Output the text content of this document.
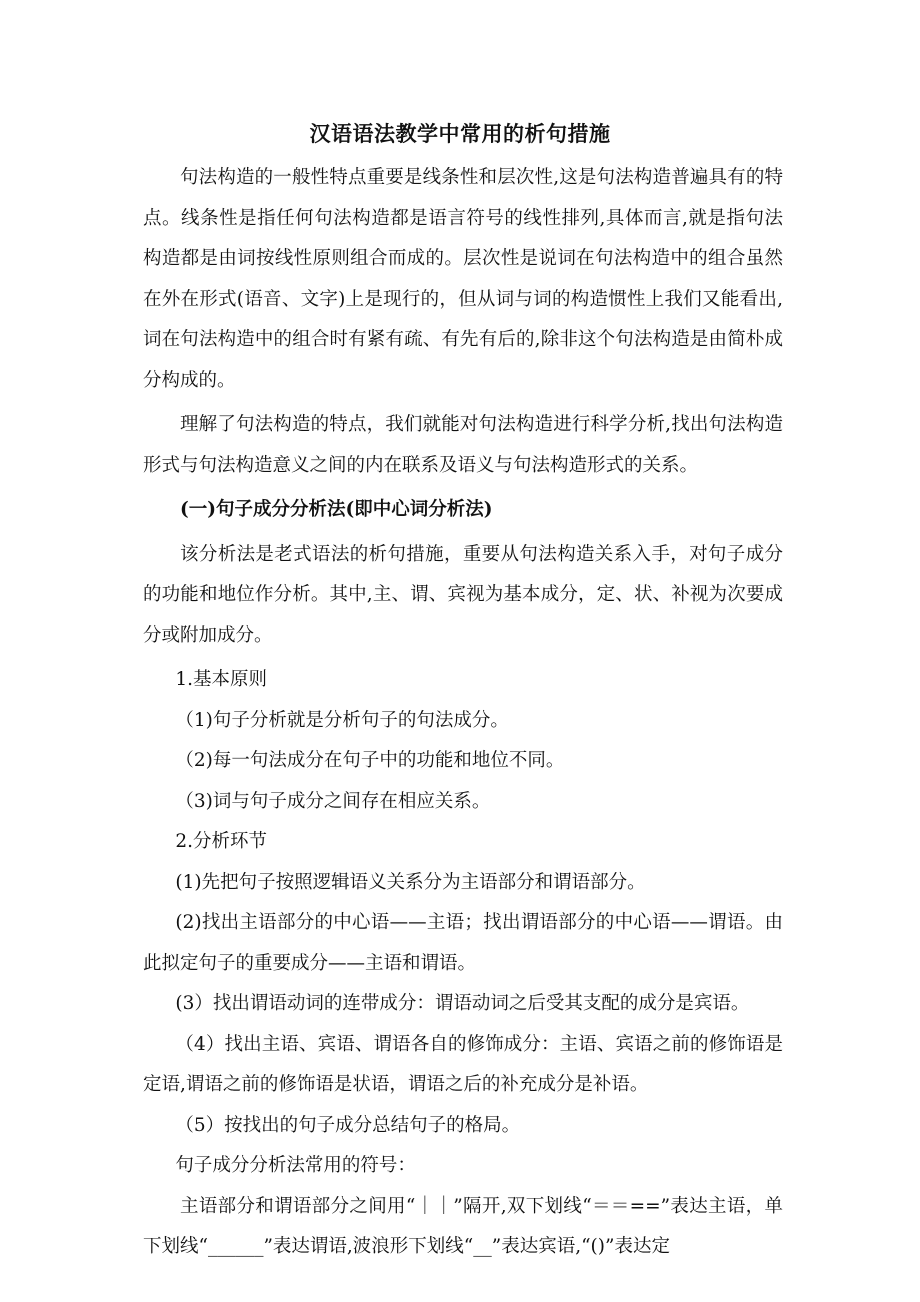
汉语语法教学中常用的析句措施

句法构造的一般性特点重要是线条性和层次性,这是句法构造普遍具有的特点。线条性是指任何句法构造都是语言符号的线性排列,具体而言,就是指句法构造都是由词按线性原则组合而成的。层次性是说词在句法构造中的组合虽然在外在形式(语音、文字)上是现行的，但从词与词的构造惯性上我们又能看出,词在句法构造中的组合时有紧有疏、有先有后的,除非这个句法构造是由简朴成分构成的。

理解了句法构造的特点，我们就能对句法构造进行科学分析,找出句法构造形式与句法构造意义之间的内在联系及语义与句法构造形式的关系。

(一)句子成分分析法(即中心词分析法)

该分析法是老式语法的析句措施，重要从句法构造关系入手，对句子成分的功能和地位作分析。其中,主、谓、宾视为基本成分，定、状、补视为次要成分或附加成分。

1.基本原则

（1)句子分析就是分析句子的句法成分。

（2)每一句法成分在句子中的功能和地位不同。

（3)词与句子成分之间存在相应关系。

2.分析环节

(1)先把句子按照逻辑语义关系分为主语部分和谓语部分。

(2)找出主语部分的中心语——主语；找出谓语部分的中心语——谓语。由此拟定句子的重要成分——主语和谓语。

(3）找出谓语动词的连带成分：谓语动词之后受其支配的成分是宾语。

（4）找出主语、宾语、谓语各自的修饰成分：主语、宾语之前的修饰语是定语,谓语之前的修饰语是状语，谓语之后的补充成分是补语。

（5）按找出的句子成分总结句子的格局。

句子成分分析法常用的符号：

主语部分和谓语部分之间用“｜｜”隔开,双下划线“＝＝==”表达主语，单下划线“______”表达谓语,波浪形下划线“__”表达宾语,“()”表达定
